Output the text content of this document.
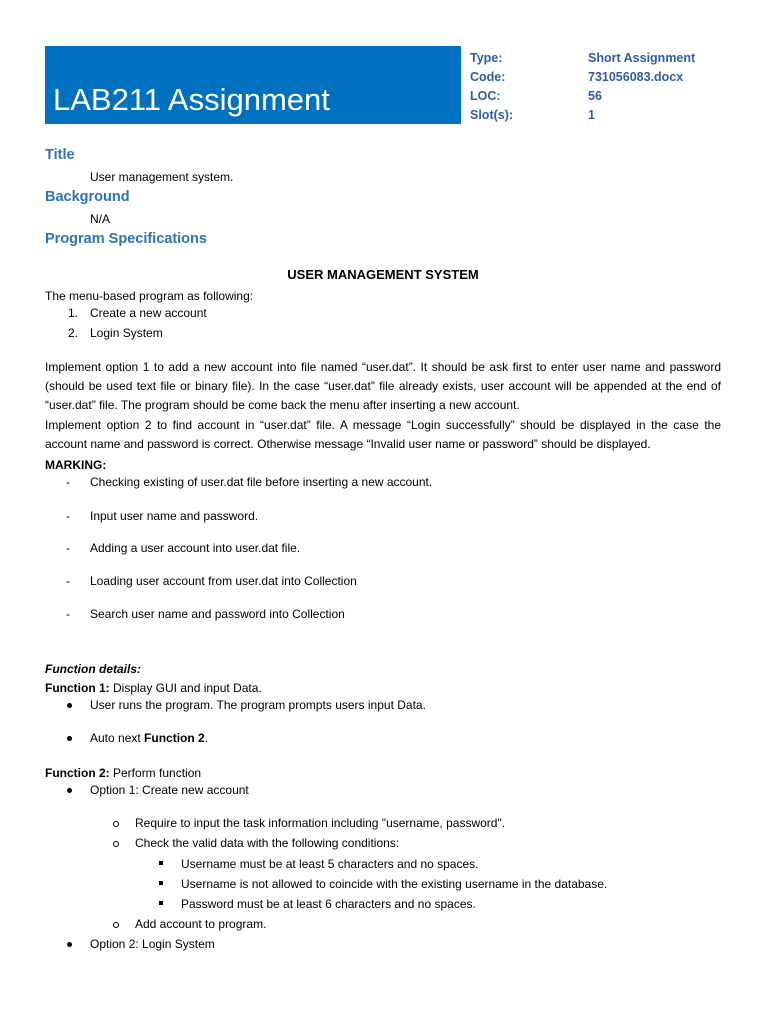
LAB211 Assignment
Type:	Short Assignment
Code:	731056083.docx
LOC:	56
Slot(s):	1
Title
User management system.
Background
N/A
Program Specifications
USER MANAGEMENT SYSTEM
The menu-based program as following:
1. Create a new account
2. Login System
Implement option 1 to add a new account into file named “user.dat”. It should be ask first to enter user name and password (should be used text file or binary file). In the case “user.dat” file already exists, user account will be appended at the end of “user.dat” file. The program should be come back the menu after inserting a new account.
Implement option 2 to find account in “user.dat” file. A message “Login successfully” should be displayed in the case the account name and password is correct. Otherwise message “Invalid user name or password” should be displayed.
MARKING:
- Checking existing of user.dat file before inserting a new account.
- Input user name and password.
- Adding a user account into user.dat file.
- Loading user account from user.dat into Collection
- Search user name and password into Collection
Function details:
Function 1: Display GUI and input Data.
User runs the program. The program prompts users input Data.
Auto next Function 2.
Function 2: Perform function
Option 1: Create new account
Require to input the task information including "username, password".
Check the valid data with the following conditions:
Username must be at least 5 characters and no spaces.
Username is not allowed to coincide with the existing username in the database.
Password must be at least 6 characters and no spaces.
Add account to program.
Option 2: Login System
